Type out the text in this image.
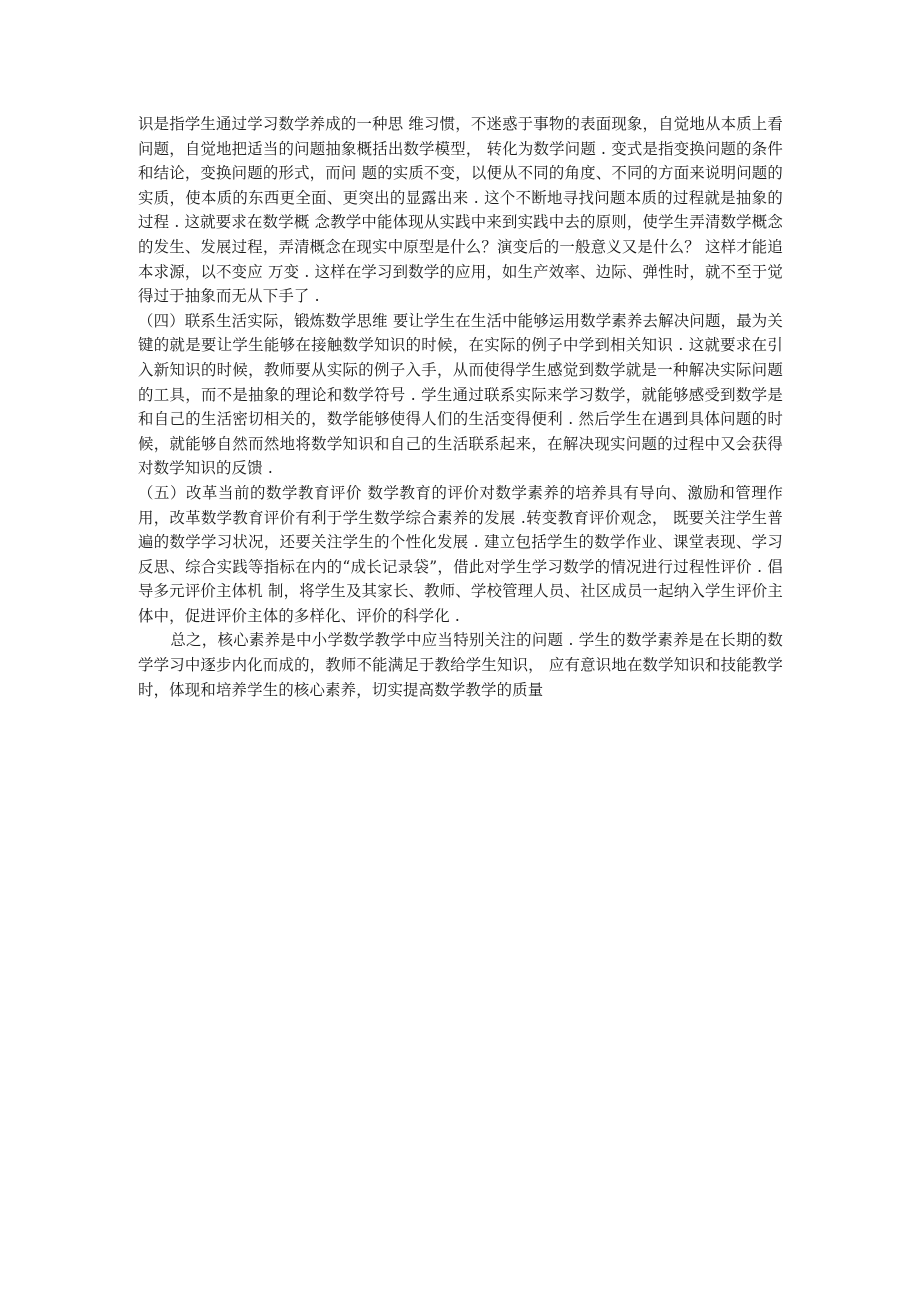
识是指学生通过学习数学养成的一种思 维习惯，不迷惑于事物的表面现象，自觉地从本质上看问题，自觉地把适当的问题抽象概括出数学模型， 转化为数学问题 . 变式是指变换问题的条件和结论，变换问题的形式，而问 题的实质不变，以便从不同的角度、不同的方面来说明问题的实质，使本质的东西更全面、更突出的显露出来 . 这个不断地寻找问题本质的过程就是抽象的过程 . 这就要求在数学概 念教学中能体现从实践中来到实践中去的原则，使学生弄清数学概念的发生、发展过程，弄清概念在现实中原型是什么？演变后的一般意义又是什么？ 这样才能追本求源，以不变应 万变 . 这样在学习到数学的应用，如生产效率、边际、弹性时，就不至于觉得过于抽象而无从下手了 .

（四）联系生活实际，锻炼数学思维 要让学生在生活中能够运用数学素养去解决问题，最为关键的就是要让学生能够在接触数学知识的时候，在实际的例子中学到相关知识 . 这就要求在引入新知识的时候，教师要从实际的例子入手，从而使得学生感觉到数学就是一种解决实际问题的工具，而不是抽象的理论和数学符号 . 学生通过联系实际来学习数学，就能够感受到数学是和自己的生活密切相关的，数学能够使得人们的生活变得便利 . 然后学生在遇到具体问题的时候，就能够自然而然地将数学知识和自己的生活联系起来，在解决现实问题的过程中又会获得对数学知识的反馈 .

（五）改革当前的数学教育评价 数学教育的评价对数学素养的培养具有导向、激励和管理作用，改革数学教育评价有利于学生数学综合素养的发展 .转变教育评价观念， 既要关注学生普遍的数学学习状况，还要关注学生的个性化发展 . 建立包括学生的数学作业、课堂表现、学习反思、综合实践等指标在内的“成长记录袋”，借此对学生学习数学的情况进行过程性评价 . 倡导多元评价主体机 制，将学生及其家长、教师、学校管理人员、社区成员一起纳入学生评价主体中，促进评价主体的多样化、评价的科学化 .

总之，核心素养是中小学数学教学中应当特别关注的问题 . 学生的数学素养是在长期的数学学习中逐步内化而成的，教师不能满足于教给学生知识， 应有意识地在数学知识和技能教学时，体现和培养学生的核心素养，切实提高数学教学的质量
